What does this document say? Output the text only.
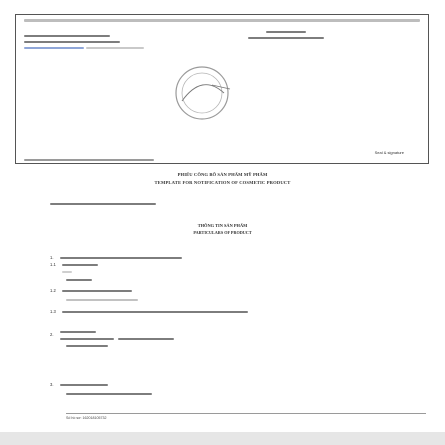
Seal & signature
PHIẾU CÔNG BỐ SẢN PHẨM MỸ PHẨM
TEMPLATE FOR NOTIFICATION OF COSMETIC PRODUCT
THÔNG TIN SẢN PHẨM
PARTICULARS OF PRODUCT
1.
1.1
1.2
1.3
2.
3.
Số hồ sơ: 162018105732
